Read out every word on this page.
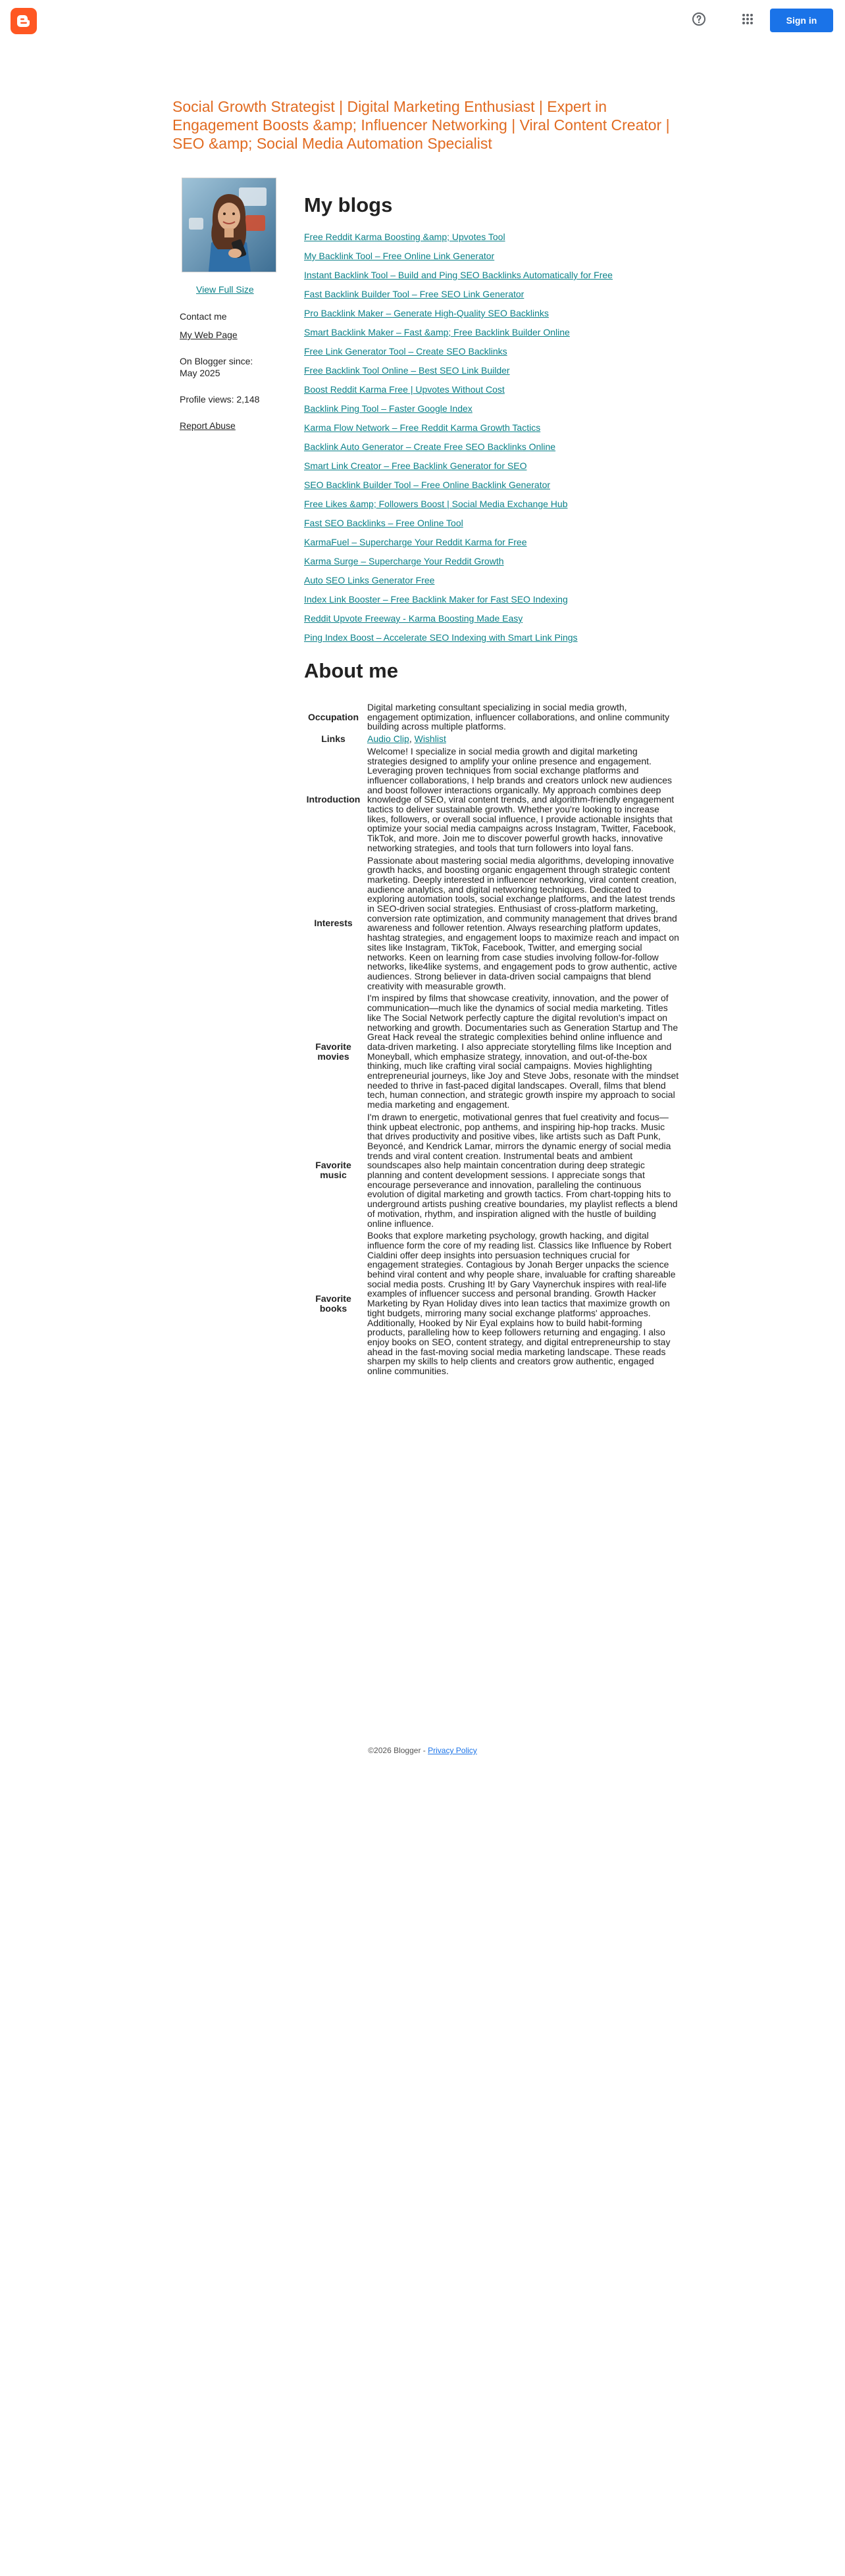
Sign in
Social Growth Strategist | Digital Marketing Enthusiast | Expert in Engagement Boosts &amp; Influencer Networking | Viral Content Creator | SEO &amp; Social Media Automation Specialist
View Full Size
Contact me
My Web Page
On Blogger since:
May 2025
Profile views: 2,148
Report Abuse
My blogs
Free Reddit Karma Boosting &amp; Upvotes Tool
My Backlink Tool – Free Online Link Generator
Instant Backlink Tool – Build and Ping SEO Backlinks Automatically for Free
Fast Backlink Builder Tool – Free SEO Link Generator
Pro Backlink Maker – Generate High-Quality SEO Backlinks
Smart Backlink Maker – Fast &amp; Free Backlink Builder Online
Free Link Generator Tool – Create SEO Backlinks
Free Backlink Tool Online – Best SEO Link Builder
Boost Reddit Karma Free | Upvotes Without Cost
Backlink Ping Tool – Faster Google Index
Karma Flow Network – Free Reddit Karma Growth Tactics
Backlink Auto Generator – Create Free SEO Backlinks Online
Smart Link Creator – Free Backlink Generator for SEO
SEO Backlink Builder Tool – Free Online Backlink Generator
Free Likes &amp; Followers Boost | Social Media Exchange Hub
Fast SEO Backlinks – Free Online Tool
KarmaFuel – Supercharge Your Reddit Karma for Free
Karma Surge – Supercharge Your Reddit Growth
Auto SEO Links Generator Free
Index Link Booster – Free Backlink Maker for Fast SEO Indexing
Reddit Upvote Freeway - Karma Boosting Made Easy
Ping Index Boost – Accelerate SEO Indexing with Smart Link Pings
About me
Occupation	Digital marketing consultant specializing in social media growth, engagement optimization, influencer collaborations, and online community building across multiple platforms.
Links	Audio Clip, Wishlist
Introduction	Welcome! I specialize in social media growth and digital marketing strategies designed to amplify your online presence and engagement. Leveraging proven techniques from social exchange platforms and influencer collaborations, I help brands and creators unlock new audiences and boost follower interactions organically. My approach combines deep knowledge of SEO, viral content trends, and algorithm-friendly engagement tactics to deliver sustainable growth. Whether you're looking to increase likes, followers, or overall social influence, I provide actionable insights that optimize your social media campaigns across Instagram, Twitter, Facebook, TikTok, and more. Join me to discover powerful growth hacks, innovative networking strategies, and tools that turn followers into loyal fans.
Interests	Passionate about mastering social media algorithms, developing innovative growth hacks, and boosting organic engagement through strategic content marketing. Deeply interested in influencer networking, viral content creation, audience analytics, and digital networking techniques. Dedicated to exploring automation tools, social exchange platforms, and the latest trends in SEO-driven social strategies. Enthusiast of cross-platform marketing, conversion rate optimization, and community management that drives brand awareness and follower retention. Always researching platform updates, hashtag strategies, and engagement loops to maximize reach and impact on sites like Instagram, TikTok, Facebook, Twitter, and emerging social networks. Keen on learning from case studies involving follow-for-follow networks, like4like systems, and engagement pods to grow authentic, active audiences. Strong believer in data-driven social campaigns that blend creativity with measurable growth.
Favorite
movies	I'm inspired by films that showcase creativity, innovation, and the power of communication—much like the dynamics of social media marketing. Titles like The Social Network perfectly capture the digital revolution's impact on networking and growth. Documentaries such as Generation Startup and The Great Hack reveal the strategic complexities behind online influence and data-driven marketing. I also appreciate storytelling films like Inception and Moneyball, which emphasize strategy, innovation, and out-of-the-box thinking, much like crafting viral social campaigns. Movies highlighting entrepreneurial journeys, like Joy and Steve Jobs, resonate with the mindset needed to thrive in fast-paced digital landscapes. Overall, films that blend tech, human connection, and strategic growth inspire my approach to social media marketing and engagement.
Favorite
music	I'm drawn to energetic, motivational genres that fuel creativity and focus—think upbeat electronic, pop anthems, and inspiring hip-hop tracks. Music that drives productivity and positive vibes, like artists such as Daft Punk, Beyoncé, and Kendrick Lamar, mirrors the dynamic energy of social media trends and viral content creation. Instrumental beats and ambient soundscapes also help maintain concentration during deep strategic planning and content development sessions. I appreciate songs that encourage perseverance and innovation, paralleling the continuous evolution of digital marketing and growth tactics. From chart-topping hits to underground artists pushing creative boundaries, my playlist reflects a blend of motivation, rhythm, and inspiration aligned with the hustle of building online influence.
Favorite
books	Books that explore marketing psychology, growth hacking, and digital influence form the core of my reading list. Classics like Influence by Robert Cialdini offer deep insights into persuasion techniques crucial for engagement strategies. Contagious by Jonah Berger unpacks the science behind viral content and why people share, invaluable for crafting shareable social media posts. Crushing It! by Gary Vaynerchuk inspires with real-life examples of influencer success and personal branding. Growth Hacker Marketing by Ryan Holiday dives into lean tactics that maximize growth on tight budgets, mirroring many social exchange platforms' approaches. Additionally, Hooked by Nir Eyal explains how to build habit-forming products, paralleling how to keep followers returning and engaging. I also enjoy books on SEO, content strategy, and digital entrepreneurship to stay ahead in the fast-moving social media marketing landscape. These reads sharpen my skills to help clients and creators grow authentic, engaged online communities.
©2026 Blogger - Privacy Policy
